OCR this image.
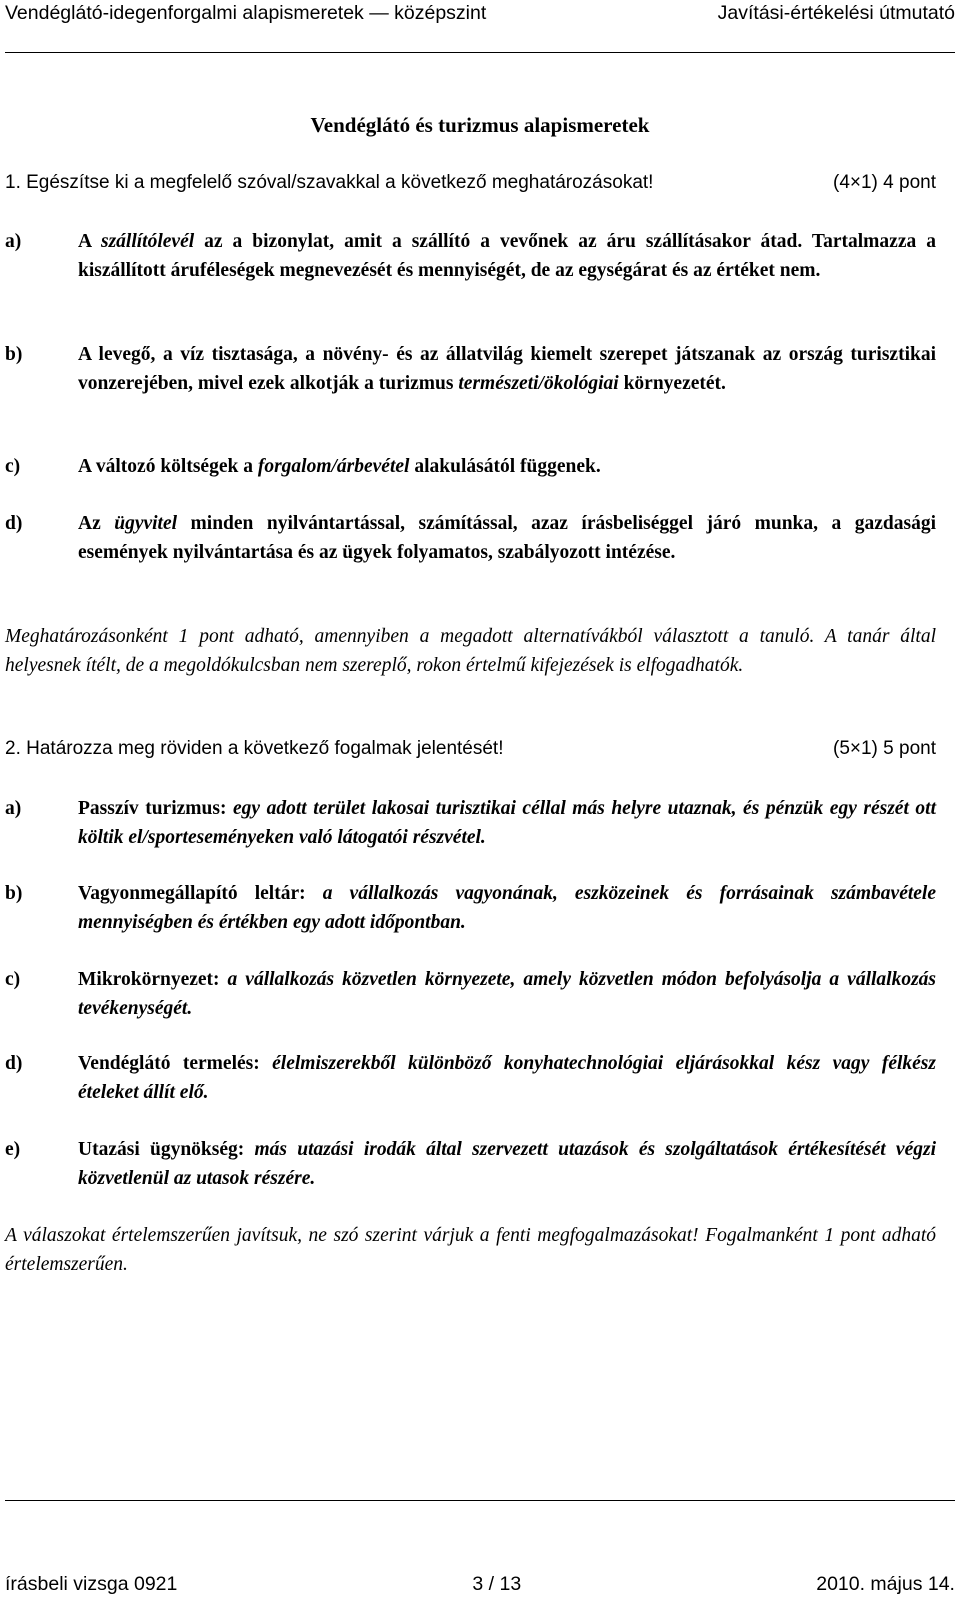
Vendéglátó-idegenforgalmi alapismeretek — középszint	Javítási-értékelési útmutató
Vendéglátó és turizmus alapismeretek
1. Egészítse ki a megfelelő szóval/szavakkal a következő meghatározásokat!	(4×1) 4 pont
a)	A szállítólevél az a bizonylat, amit a szállító a vevőnek az áru szállításakor átad. Tartalmazza a kiszállított áruféleségek megnevezését és mennyiségét, de az egységárat és az értéket nem.
b)	A levegő, a víz tisztasága, a növény- és az állatvilág kiemelt szerepet játszanak az ország turisztikai vonzerejében, mivel ezek alkotják a turizmus természeti/ökológiai környezetét.
c)	A változó költségek a forgalom/árbevétel alakulásától függenek.
d)	Az ügyvitel minden nyilvántartással, számítással, azaz írásbeliséggel járó munka, a gazdasági események nyilvántartása és az ügyek folyamatos, szabályozott intézése.
Meghatározásonként 1 pont adható, amennyiben a megadott alternatívákból választott a tanuló. A tanár által helyesnek ítélt, de a megoldókulcsban nem szereplő, rokon értelmű kifejezések is elfogadhatók.
2. Határozza meg röviden a következő fogalmak jelentését!	(5×1) 5 pont
a)	Passzív turizmus: egy adott terület lakosai turisztikai céllal más helyre utaznak, és pénzük egy részét ott költik el/sporteseményeken való látogatói részvétel.
b)	Vagyonmegállapító leltár: a vállalkozás vagyonának, eszközeinek és forrásainak számbavétele mennyiségben és értékben egy adott időpontban.
c)	Mikrokörnyezet: a vállalkozás közvetlen környezete, amely közvetlen módon befolyásolja a vállalkozás tevékenységét.
d)	Vendéglátó termelés: élelmiszerekből különböző konyhatechnológiai eljárásokkal kész vagy félkész ételeket állít elő.
e)	Utazási ügynökség: más utazási irodák által szervezett utazások és szolgáltatások értékesítését végzi közvetlenül az utasok részére.
A válaszokat értelemszerűen javítsuk, ne szó szerint várjuk a fenti megfogalmazásokat! Fogalmanként 1 pont adható értelemszerűen.
írásbeli vizsga 0921	3 / 13	2010. május 14.
